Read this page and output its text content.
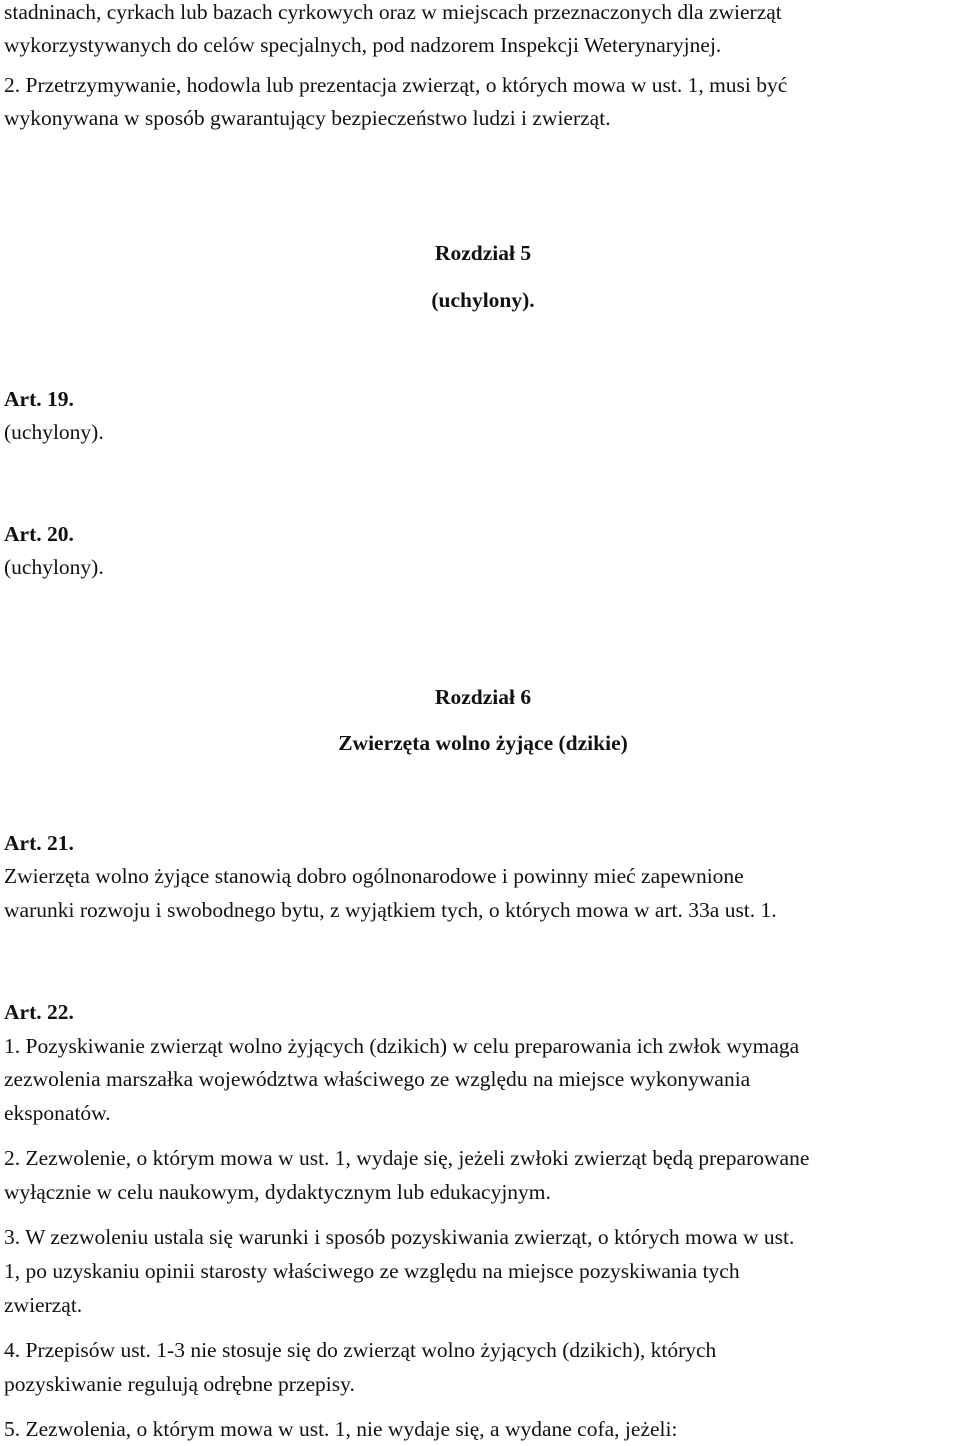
stadninach, cyrkach lub bazach cyrkowych oraz w miejscach przeznaczonych dla zwierząt

wykorzystywanych do celów specjalnych, pod nadzorem Inspekcji Weterynaryjnej.

2. Przetrzymywanie, hodowla lub prezentacja zwierząt, o których mowa w ust. 1, musi być

wykonywana w sposób gwarantujący bezpieczeństwo ludzi i zwierząt.

Rozdział 5

(uchylony).

Art. 19.

(uchylony).

Art. 20.

(uchylony).

Rozdział 6

Zwierzęta wolno żyjące (dzikie)

Art. 21.

Zwierzęta wolno żyjące stanowią dobro ogólnonarodowe i powinny mieć zapewnione

warunki rozwoju i swobodnego bytu, z wyjątkiem tych, o których mowa w art. 33a ust. 1.

Art. 22.

1. Pozyskiwanie zwierząt wolno żyjących (dzikich) w celu preparowania ich zwłok wymaga

zezwolenia marszałka województwa właściwego ze względu na miejsce wykonywania

eksponatów.

2. Zezwolenie, o którym mowa w ust. 1, wydaje się, jeżeli zwłoki zwierząt będą preparowane

wyłącznie w celu naukowym, dydaktycznym lub edukacyjnym.

3. W zezwoleniu ustala się warunki i sposób pozyskiwania zwierząt, o których mowa w ust.

1, po uzyskaniu opinii starosty właściwego ze względu na miejsce pozyskiwania tych

zwierząt.

4. Przepisów ust. 1-3 nie stosuje się do zwierząt wolno żyjących (dzikich), których

pozyskiwanie regulują odrębne przepisy.

5. Zezwolenia, o którym mowa w ust. 1, nie wydaje się, a wydane cofa, jeżeli:
